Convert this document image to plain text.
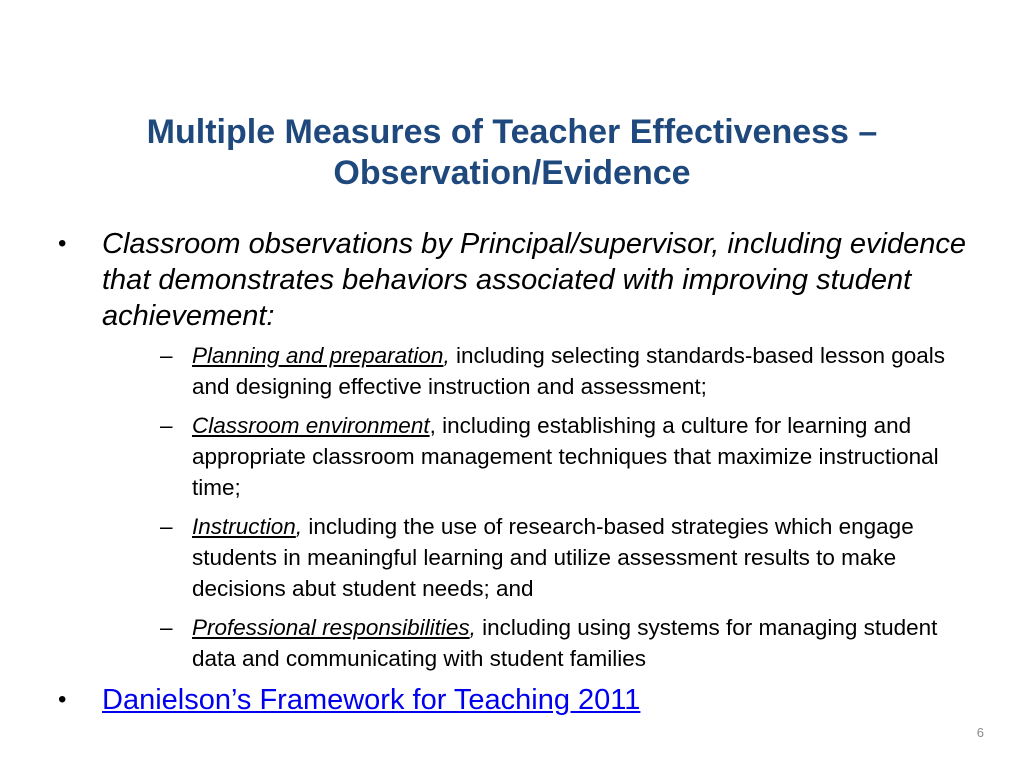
Multiple Measures of Teacher Effectiveness –
Observation/Evidence
• Classroom observations by Principal/supervisor, including evidence that demonstrates behaviors associated with improving student achievement:
– Planning and preparation, including selecting standards-based lesson goals and designing effective instruction and assessment;
– Classroom environment, including establishing a culture for learning and appropriate classroom management techniques that maximize instructional time;
– Instruction, including the use of research-based strategies which engage students in meaningful learning and utilize assessment results to make decisions abut student needs; and
– Professional responsibilities, including using systems for managing student data and communicating with student families
• Danielson’s Framework for Teaching 2011
6
